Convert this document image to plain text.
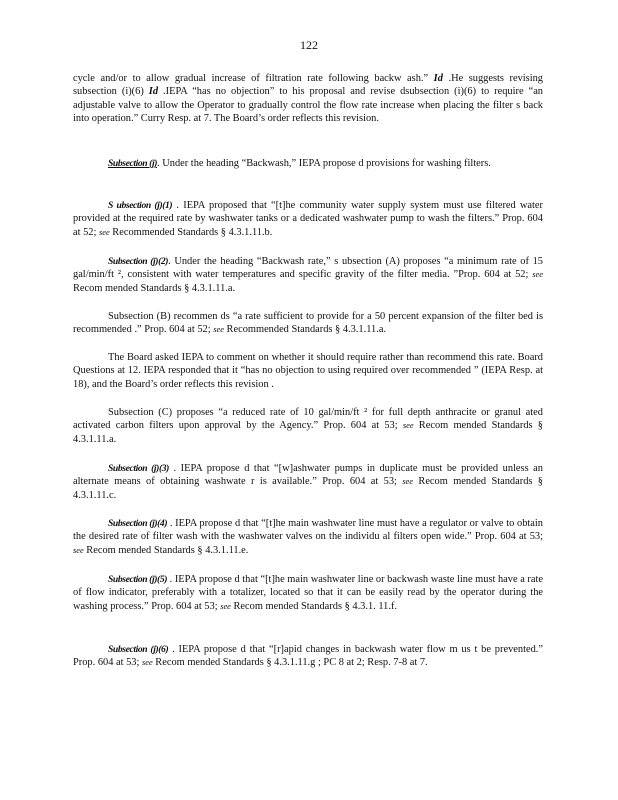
122
cycle and/or to allow gradual increase of filtration rate following backw ash.” Id .He suggests revising subsection (i)(6) Id .IEPA “has no objection” to his proposal and revise dsubsection (i)(6) to require “an adjustable valve to allow the Operator to gradually control the flow rate increase when placing the filter s back into operation.” Curry Resp. at 7. The Board’s order reflects this revision.
Subsection (j). Under the heading “Backwash,” IEPA propose d provisions for washing filters.
S ubsection (j)(1) . IEPA proposed that “[t]he community water supply system must use filtered water provided at the required rate by washwater tanks or a dedicated washwater pump to wash the filters.” Prop. 604 at 52; see Recommended Standards § 4.3.1.11.b.
Subsection (j)(2). Under the heading “Backwash rate,” s ubsection (A) proposes “a minimum rate of 15 gal/min/ft ², consistent with water temperatures and specific gravity of the filter media. ”Prop. 604 at 52; see Recom mended Standards § 4.3.1.11.a.
Subsection (B) recommen ds “a rate sufficient to provide for a 50 percent expansion of the filter bed is recommended .” Prop. 604 at 52; see Recommended Standards § 4.3.1.11.a.
The Board asked IEPA to comment on whether it should require rather than recommend this rate. Board Questions at 12. IEPA responded that it “has no objection to using required over recommended ” (IEPA Resp. at 18), and the Board’s order reflects this revision .
Subsection (C) proposes “a reduced rate of 10 gal/min/ft ² for full depth anthracite or granul ated activated carbon filters upon approval by the Agency.” Prop. 604 at 53; see Recom mended Standards § 4.3.1.11.a.
Subsection (j)(3) . IEPA propose d that “[w]ashwater pumps in duplicate must be provided unless an alternate means of obtaining washwate r is available.” Prop. 604 at 53; see Recom mended Standards § 4.3.1.11.c.
Subsection (j)(4) . IEPA propose d that “[t]he main washwater line must have a regulator or valve to obtain the desired rate of filter wash with the washwater valves on the individu al filters open wide.” Prop. 604 at 53; see Recom mended Standards § 4.3.1.11.e.
Subsection (j)(5) . IEPA propose d that “[t]he main washwater line or backwash waste line must have a rate of flow indicator, preferably with a totalizer, located so that it can be easily read by the operator during the washing process.” Prop. 604 at 53; see Recom mended Standards § 4.3.1. 11.f.
Subsection (j)(6) . IEPA propose d that “[r]apid changes in backwash water flow m us t be prevented.” Prop. 604 at 53; see Recom mended Standards § 4.3.1.11.g ; PC 8 at 2; Resp. 7-8 at 7.
